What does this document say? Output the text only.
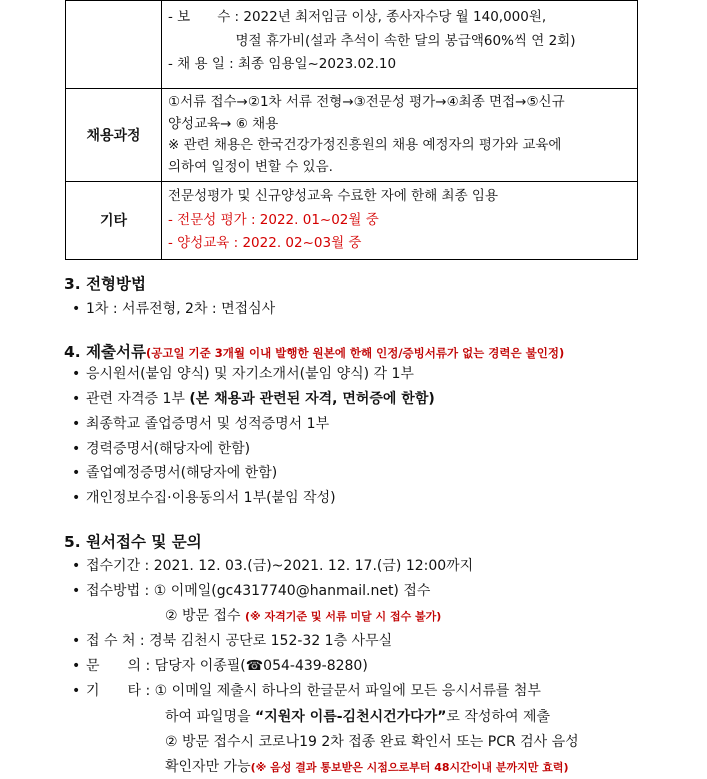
	- 보　　수 : 2022년 최저임금 이상, 종사자수당 월 140,000원,
　　　　　명절 휴가비(설과 추석이 속한 달의 봉급액60%씩 연 2회)
- 채 용 일 : 최종 임용일~2023.02.10

채용과정	①서류 접수→②1차 서류 전형→③전문성 평가→④최종 면접→⑤신규
양성교육→ ⑥ 채용
※ 관련 채용은 한국건강가정진흥원의 채용 예정자의 평가와 교육에
의하여 일정이 변할 수 있음.

기타	전문성평가 및 신규양성교육 수료한 자에 한해 최종 임용
- 전문성 평가 : 2022. 01~02월 중
- 양성교육 : 2022. 02~03월 중
3. 전형방법
• 1차 : 서류전형, 2차 : 면접심사
4. 제출서류(공고일 기준 3개월 이내 발행한 원본에 한해 인정/증빙서류가 없는 경력은 불인정)
• 응시원서(붙임 양식) 및 자기소개서(붙임 양식) 각 1부
• 관련 자격증 1부 (본 채용과 관련된 자격, 면허증에 한함)
• 최종학교 졸업증명서 및 성적증명서 1부
• 경력증명서(해당자에 한함)
• 졸업예정증명서(해당자에 한함)
• 개인정보수집·이용동의서 1부(붙임 작성)
5. 원서접수 및 문의
• 접수기간 : 2021. 12. 03.(금)~2021. 12. 17.(금) 12:00까지
• 접수방법 : ① 이메일(gc4317740@hanmail.net) 접수
② 방문 접수 (※ 자격기준 및 서류 미달 시 접수 불가)
• 접 수 처 : 경북 김천시 공단로 152-32 1층 사무실
• 문　　의 : 담당자 이종필(☎054-439-8280)
• 기　　타 : ① 이메일 제출시 하나의 한글문서 파일에 모든 응시서류를 첨부
하여 파일명을 “지원자 이름-김천시건가다가”로 작성하여 제출
② 방문 접수시 코로나19 2차 접종 완료 확인서 또는 PCR 검사 음성
확인자만 가능(※ 음성 결과 통보받은 시점으로부터 48시간이내 분까지만 효력)
